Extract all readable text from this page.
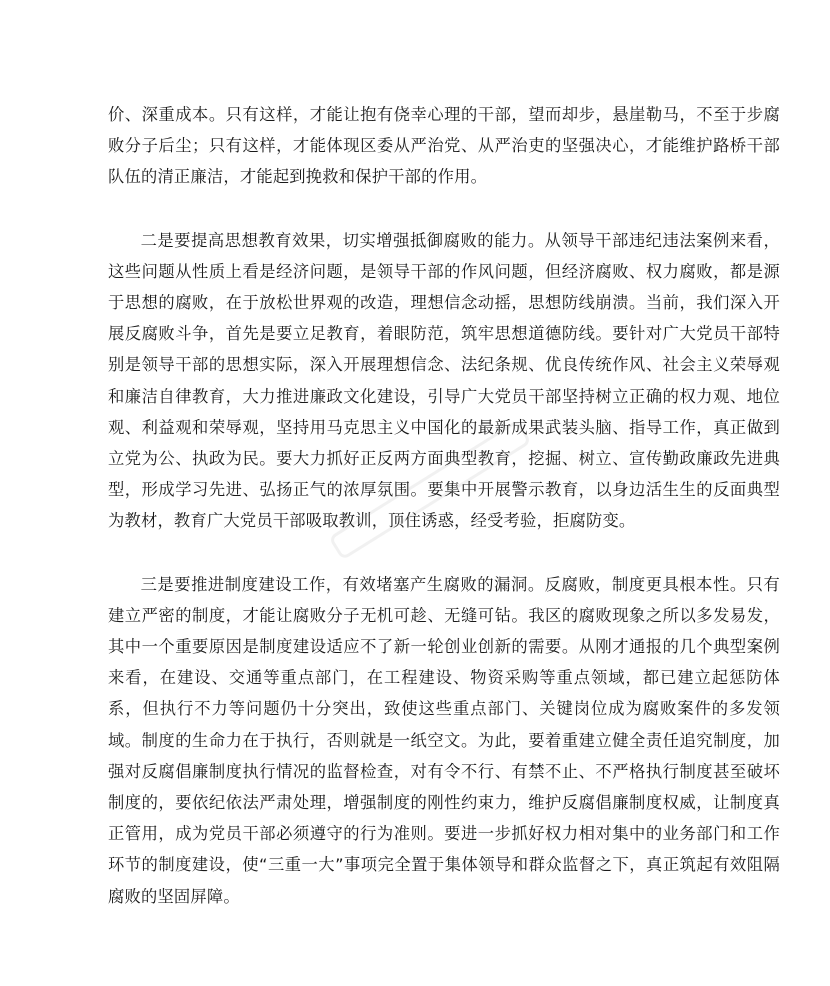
价、深重成本。只有这样，才能让抱有侥幸心理的干部，望而却步，悬崖勒马，不至于步腐败分子后尘；只有这样，才能体现区委从严治党、从严治吏的坚强决心，才能维护路桥干部队伍的清正廉洁，才能起到挽救和保护干部的作用。

二是要提高思想教育效果，切实增强抵御腐败的能力。从领导干部违纪违法案例来看，这些问题从性质上看是经济问题，是领导干部的作风问题，但经济腐败、权力腐败，都是源于思想的腐败，在于放松世界观的改造，理想信念动摇，思想防线崩溃。当前，我们深入开展反腐败斗争，首先是要立足教育，着眼防范，筑牢思想道德防线。要针对广大党员干部特别是领导干部的思想实际，深入开展理想信念、法纪条规、优良传统作风、社会主义荣辱观和廉洁自律教育，大力推进廉政文化建设，引导广大党员干部坚持树立正确的权力观、地位观、利益观和荣辱观，坚持用马克思主义中国化的最新成果武装头脑、指导工作，真正做到立党为公、执政为民。要大力抓好正反两方面典型教育，挖掘、树立、宣传勤政廉政先进典型，形成学习先进、弘扬正气的浓厚氛围。要集中开展警示教育，以身边活生生的反面典型为教材，教育广大党员干部吸取教训，顶住诱惑，经受考验，拒腐防变。

三是要推进制度建设工作，有效堵塞产生腐败的漏洞。反腐败，制度更具根本性。只有建立严密的制度，才能让腐败分子无机可趁、无缝可钻。我区的腐败现象之所以多发易发，其中一个重要原因是制度建设适应不了新一轮创业创新的需要。从刚才通报的几个典型案例来看，在建设、交通等重点部门，在工程建设、物资采购等重点领域，都已建立起惩防体系，但执行不力等问题仍十分突出，致使这些重点部门、关键岗位成为腐败案件的多发领域。制度的生命力在于执行，否则就是一纸空文。为此，要着重建立健全责任追究制度，加强对反腐倡廉制度执行情况的监督检查，对有令不行、有禁不止、不严格执行制度甚至破坏制度的，要依纪依法严肃处理，增强制度的刚性约束力，维护反腐倡廉制度权威，让制度真正管用，成为党员干部必须遵守的行为准则。要进一步抓好权力相对集中的业务部门和工作环节的制度建设，使“三重一大”事项完全置于集体领导和群众监督之下，真正筑起有效阻隔腐败的坚固屏障。
